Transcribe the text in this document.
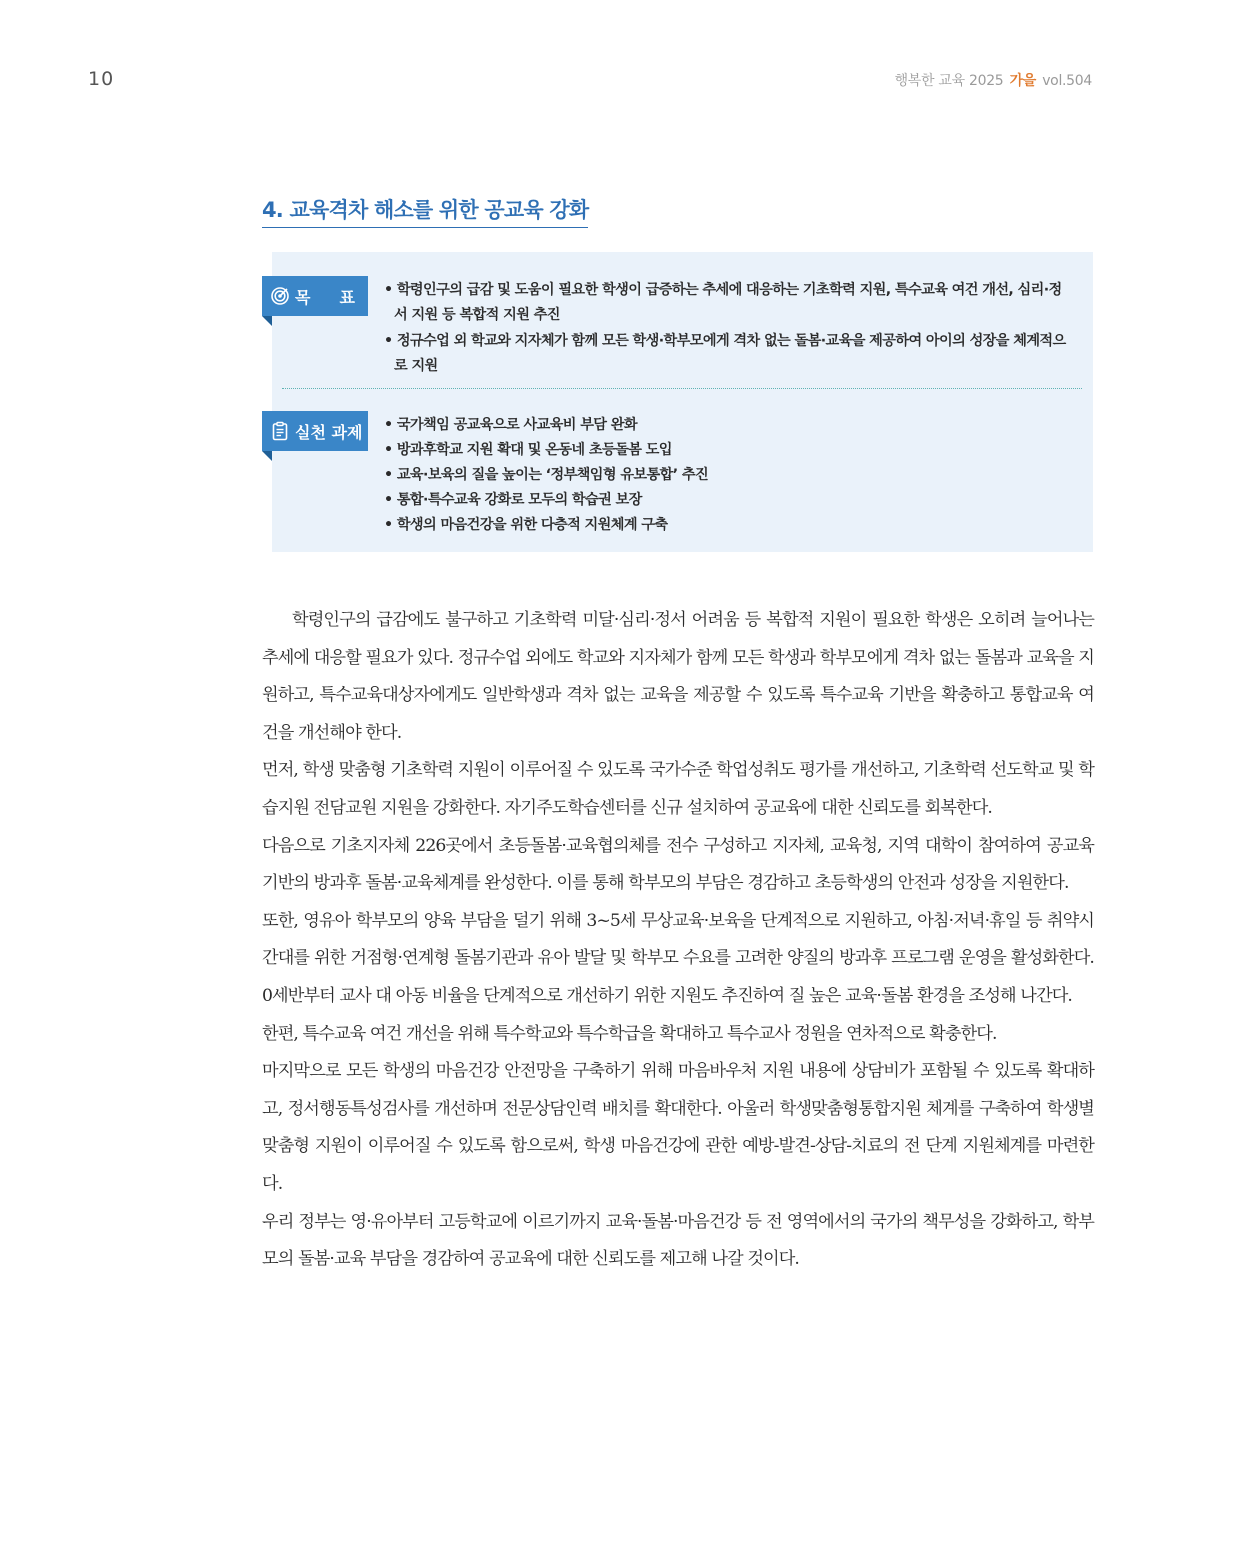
10	행복한 교육 2025 가을 vol.504
4. 교육격차 해소를 위한 공교육 강화
목 표	• 학령인구의 급감 및 도움이 필요한 학생이 급증하는 추세에 대응하는 기초학력 지원, 특수교육 여건 개선, 심리·정서 지원 등 복합적 지원 추진
• 정규수업 외 학교와 지자체가 함께 모든 학생·학부모에게 격차 없는 돌봄·교육을 제공하여 아이의 성장을 체계적으로 지원
실천 과제	• 국가책임 공교육으로 사교육비 부담 완화
• 방과후학교 지원 확대 및 온동네 초등돌봄 도입
• 교육·보육의 질을 높이는 ‘정부책임형 유보통합’ 추진
• 통합·특수교육 강화로 모두의 학습권 보장
• 학생의 마음건강을 위한 다층적 지원체계 구축

학령인구의 급감에도 불구하고 기초학력 미달·심리·정서 어려움 등 복합적 지원이 필요한 학생은 오히려 늘어나는 추세에 대응할 필요가 있다. 정규수업 외에도 학교와 지자체가 함께 모든 학생과 학부모에게 격차 없는 돌봄과 교육을 지원하고, 특수교육대상자에게도 일반학생과 격차 없는 교육을 제공할 수 있도록 특수교육 기반을 확충하고 통합교육 여건을 개선해야 한다.

먼저, 학생 맞춤형 기초학력 지원이 이루어질 수 있도록 국가수준 학업성취도 평가를 개선하고, 기초학력 선도학교 및 학습지원 전담교원 지원을 강화한다. 자기주도학습센터를 신규 설치하여 공교육에 대한 신뢰도를 회복한다.

다음으로 기초지자체 226곳에서 초등돌봄·교육협의체를 전수 구성하고 지자체, 교육청, 지역 대학이 참여하여 공교육 기반의 방과후 돌봄·교육체계를 완성한다. 이를 통해 학부모의 부담은 경감하고 초등학생의 안전과 성장을 지원한다.

또한, 영유아 학부모의 양육 부담을 덜기 위해 3~5세 무상교육·보육을 단계적으로 지원하고, 아침·저녁·휴일 등 취약시간대를 위한 거점형·연계형 돌봄기관과 유아 발달 및 학부모 수요를 고려한 양질의 방과후 프로그램 운영을 활성화한다. 0세반부터 교사 대 아동 비율을 단계적으로 개선하기 위한 지원도 추진하여 질 높은 교육·돌봄 환경을 조성해 나간다.

한편, 특수교육 여건 개선을 위해 특수학교와 특수학급을 확대하고 특수교사 정원을 연차적으로 확충한다.

마지막으로 모든 학생의 마음건강 안전망을 구축하기 위해 마음바우처 지원 내용에 상담비가 포함될 수 있도록 확대하고, 정서행동특성검사를 개선하며 전문상담인력 배치를 확대한다. 아울러 학생맞춤형통합지원 체계를 구축하여 학생별 맞춤형 지원이 이루어질 수 있도록 함으로써, 학생 마음건강에 관한 예방-발견-상담-치료의 전 단계 지원체계를 마련한다.

우리 정부는 영·유아부터 고등학교에 이르기까지 교육·돌봄·마음건강 등 전 영역에서의 국가의 책무성을 강화하고, 학부모의 돌봄·교육 부담을 경감하여 공교육에 대한 신뢰도를 제고해 나갈 것이다.
